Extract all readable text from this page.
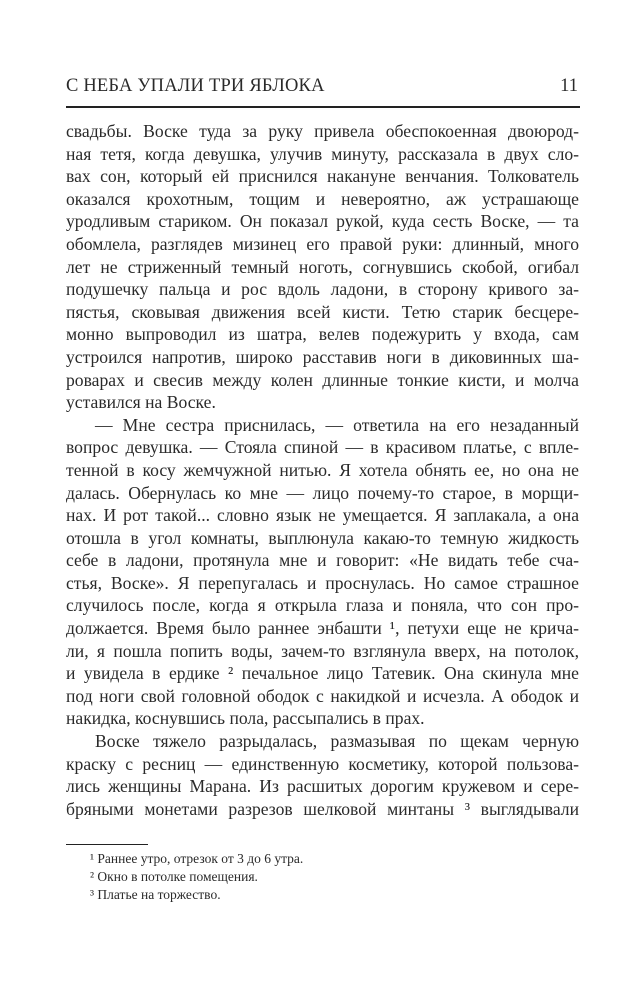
С НЕБА УПАЛИ ТРИ ЯБЛОКА	11
свадьбы. Воске туда за руку привела обеспокоенная двоюрод-
ная тетя, когда девушка, улучив минуту, рассказала в двух сло-
вах сон, который ей приснился накануне венчания. Толкователь
оказался крохотным, тощим и невероятно, аж устрашающе
уродливым стариком. Он показал рукой, куда сесть Воске, — та
обомлела, разглядев мизинец его правой руки: длинный, много
лет не стриженный темный ноготь, согнувшись скобой, огибал
подушечку пальца и рос вдоль ладони, в сторону кривого за-
пястья, сковывая движения всей кисти. Тетю старик бесцере-
монно выпроводил из шатра, велев подежурить у входа, сам
устроился напротив, широко расставив ноги в диковинных ша-
роварах и свесив между колен длинные тонкие кисти, и молча
уставился на Воске.
— Мне сестра приснилась, — ответила на его незаданный
вопрос девушка. — Стояла спиной — в красивом платье, с впле-
тенной в косу жемчужной нитью. Я хотела обнять ее, но она не
далась. Обернулась ко мне — лицо почему-то старое, в морщи-
нах. И рот такой... словно язык не умещается. Я заплакала, а она
отошла в угол комнаты, выплюнула какаю-то темную жидкость
себе в ладони, протянула мне и говорит: «Не видать тебе сча-
стья, Воске». Я перепугалась и проснулась. Но самое страшное
случилось после, когда я открыла глаза и поняла, что сон про-
должается. Время было раннее энбашти ¹, петухи еще не крича-
ли, я пошла попить воды, зачем-то взглянула вверх, на потолок,
и увидела в ердике ² печальное лицо Татевик. Она скинула мне
под ноги свой головной ободок с накидкой и исчезла. А ободок и
накидка, коснувшись пола, рассыпались в прах.
Воске тяжело разрыдалась, размазывая по щекам черную
краску с ресниц — единственную косметику, которой пользова-
лись женщины Марана. Из расшитых дорогим кружевом и сере-
бряными монетами разрезов шелковой минтаны ³ выглядывали
¹ Раннее утро, отрезок от 3 до 6 утра.
² Окно в потолке помещения.
³ Платье на торжество.
